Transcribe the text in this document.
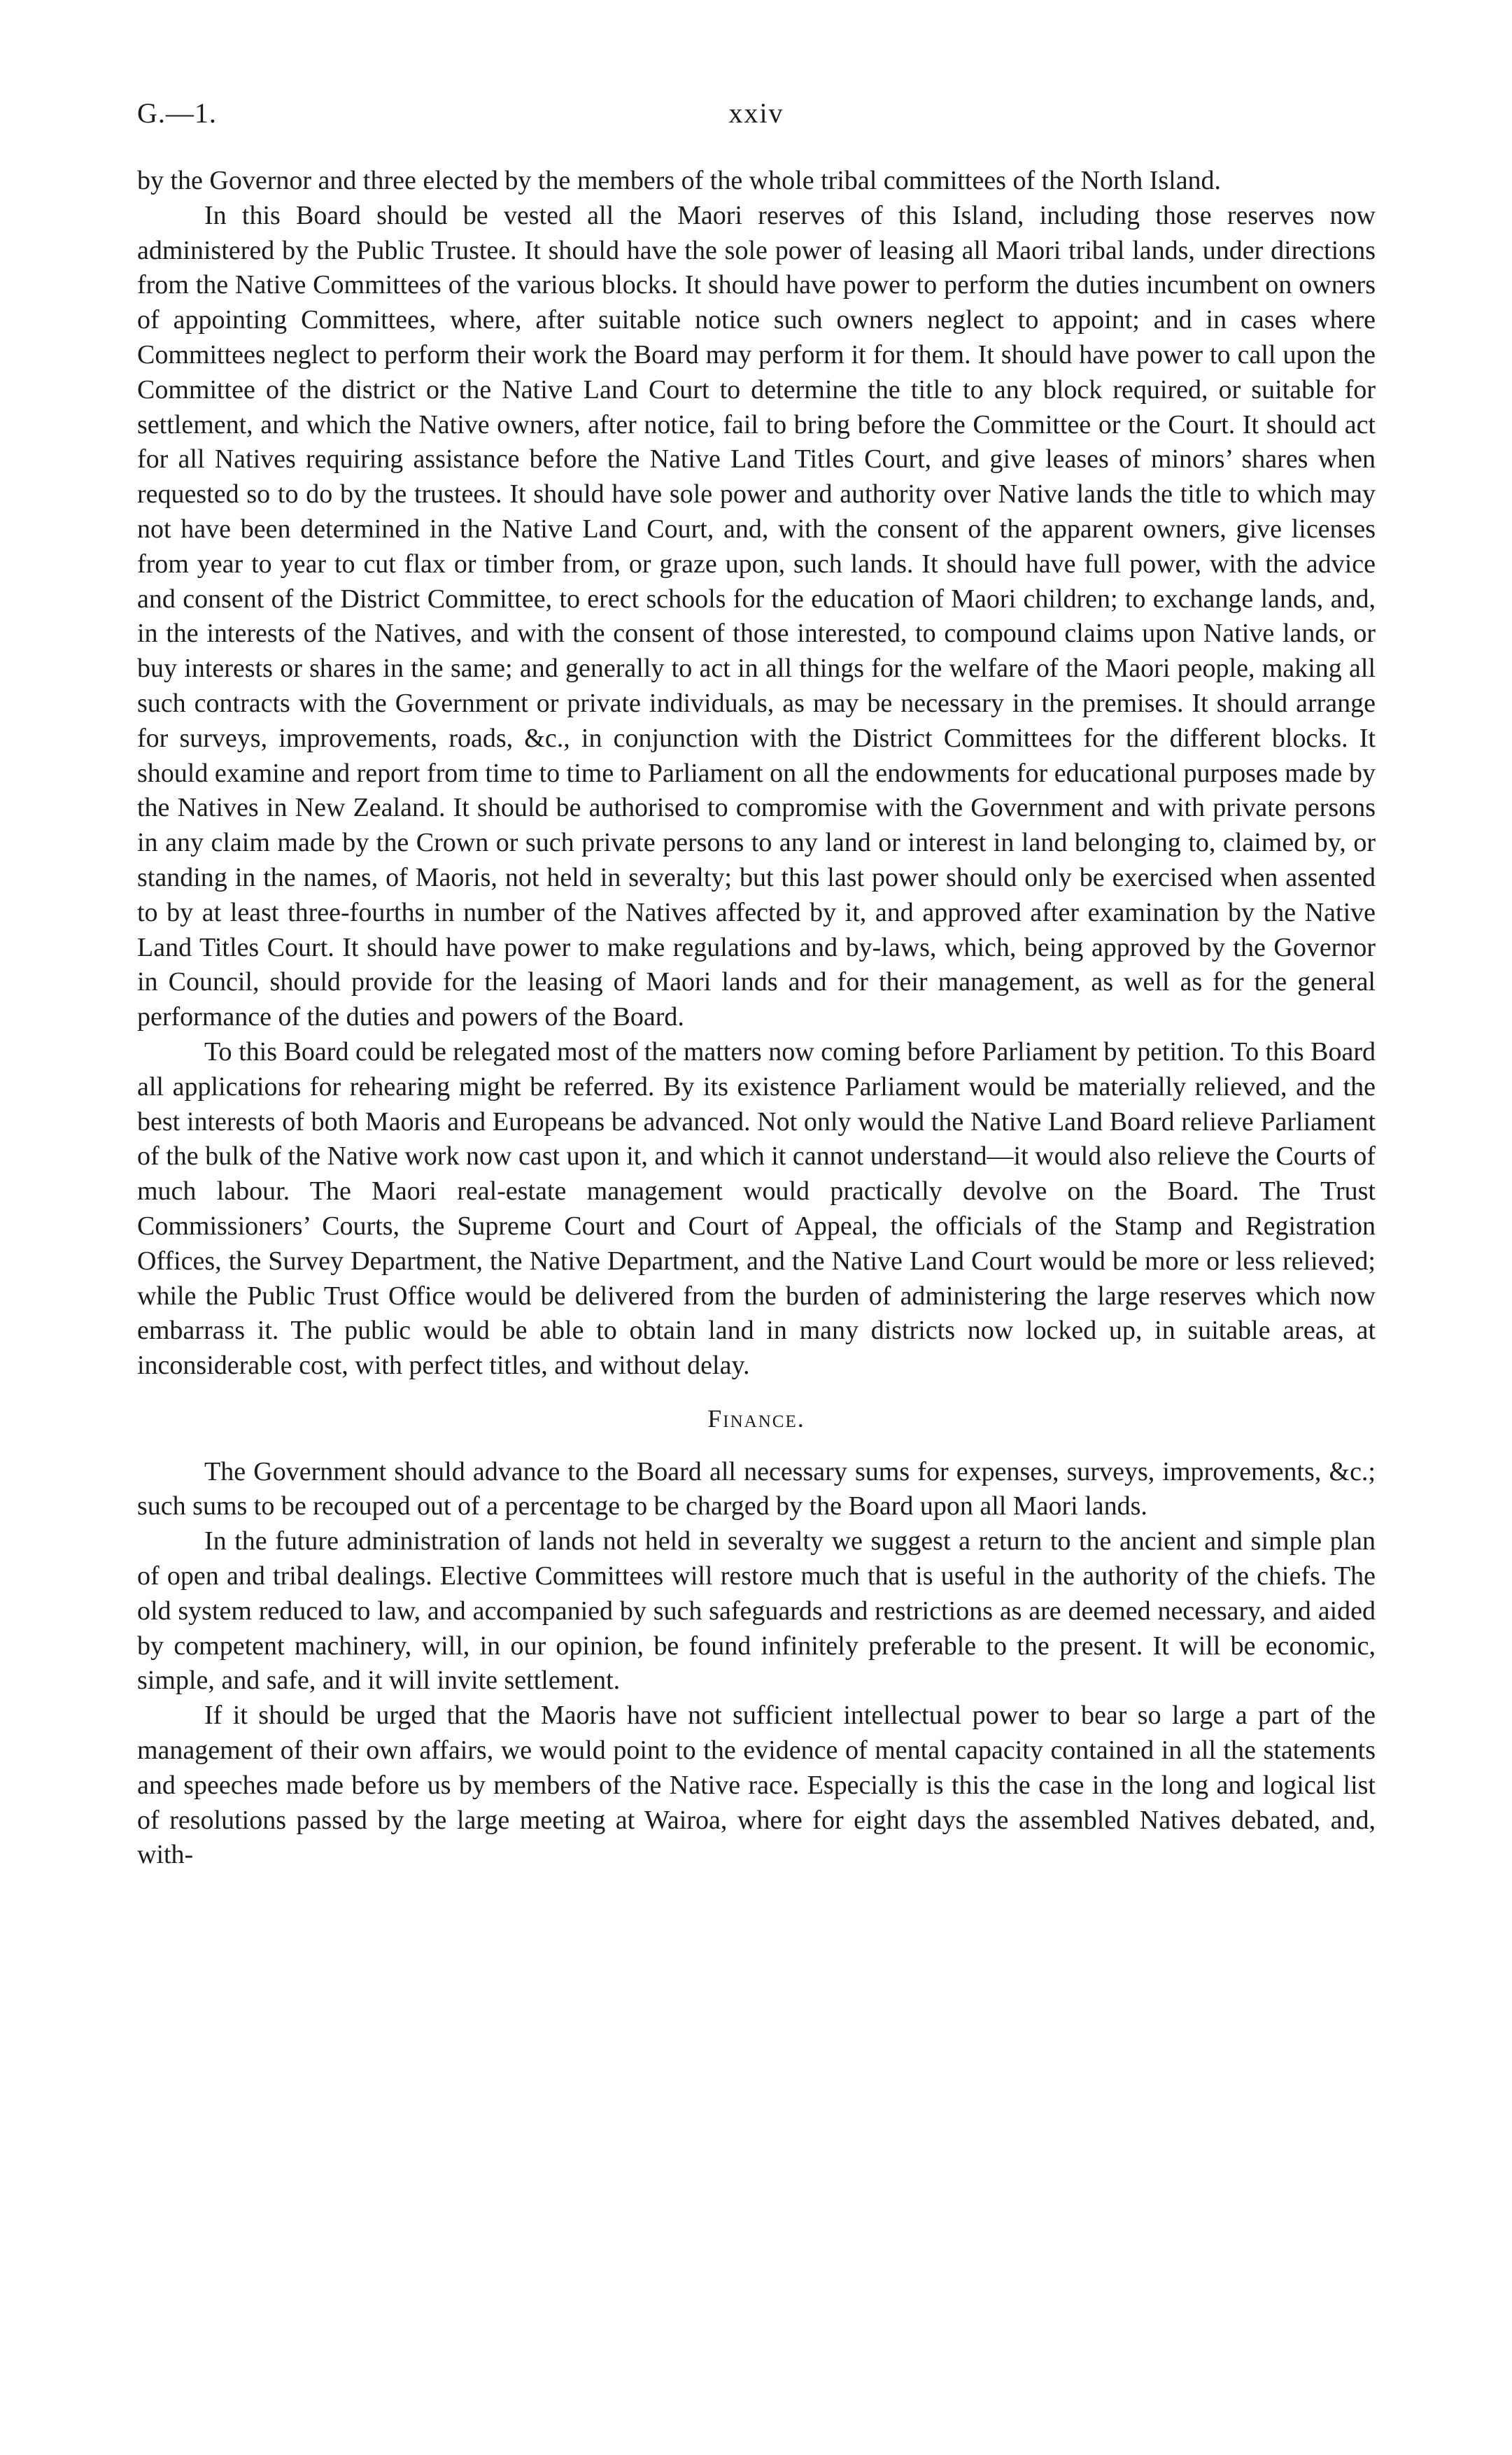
G.—1.	xxiv

by the Governor and three elected by the members of the whole tribal committees of the North Island.

In this Board should be vested all the Maori reserves of this Island, including those reserves now administered by the Public Trustee. It should have the sole power of leasing all Maori tribal lands, under directions from the Native Committees of the various blocks. It should have power to perform the duties incumbent on owners of appointing Committees, where, after suitable notice such owners neglect to appoint; and in cases where Committees neglect to perform their work the Board may perform it for them. It should have power to call upon the Committee of the district or the Native Land Court to determine the title to any block required, or suitable for settlement, and which the Native owners, after notice, fail to bring before the Committee or the Court. It should act for all Natives requiring assistance before the Native Land Titles Court, and give leases of minors’ shares when requested so to do by the trustees. It should have sole power and authority over Native lands the title to which may not have been determined in the Native Land Court, and, with the consent of the apparent owners, give licenses from year to year to cut flax or timber from, or graze upon, such lands. It should have full power, with the advice and consent of the District Committee, to erect schools for the education of Maori children; to exchange lands, and, in the interests of the Natives, and with the consent of those interested, to compound claims upon Native lands, or buy interests or shares in the same; and generally to act in all things for the welfare of the Maori people, making all such contracts with the Government or private individuals, as may be necessary in the premises. It should arrange for surveys, improvements, roads, &c., in conjunction with the District Committees for the different blocks. It should examine and report from time to time to Parliament on all the endowments for educational purposes made by the Natives in New Zealand. It should be authorised to compromise with the Government and with private persons in any claim made by the Crown or such private persons to any land or interest in land belonging to, claimed by, or standing in the names, of Maoris, not held in severalty; but this last power should only be exercised when assented to by at least three-fourths in number of the Natives affected by it, and approved after examination by the Native Land Titles Court. It should have power to make regulations and by-laws, which, being approved by the Governor in Council, should provide for the leasing of Maori lands and for their management, as well as for the general performance of the duties and powers of the Board.

To this Board could be relegated most of the matters now coming before Parliament by petition. To this Board all applications for rehearing might be referred. By its existence Parliament would be materially relieved, and the best interests of both Maoris and Europeans be advanced. Not only would the Native Land Board relieve Parliament of the bulk of the Native work now cast upon it, and which it cannot understand—it would also relieve the Courts of much labour. The Maori real-estate management would practically devolve on the Board. The Trust Commissioners’ Courts, the Supreme Court and Court of Appeal, the officials of the Stamp and Registration Offices, the Survey Department, the Native Department, and the Native Land Court would be more or less relieved; while the Public Trust Office would be delivered from the burden of administering the large reserves which now embarrass it. The public would be able to obtain land in many districts now locked up, in suitable areas, at inconsiderable cost, with perfect titles, and without delay.

Finance.

The Government should advance to the Board all necessary sums for expenses, surveys, improvements, &c.; such sums to be recouped out of a percentage to be charged by the Board upon all Maori lands.

In the future administration of lands not held in severalty we suggest a return to the ancient and simple plan of open and tribal dealings. Elective Committees will restore much that is useful in the authority of the chiefs. The old system reduced to law, and accompanied by such safeguards and restrictions as are deemed necessary, and aided by competent machinery, will, in our opinion, be found infinitely preferable to the present. It will be economic, simple, and safe, and it will invite settlement.

If it should be urged that the Maoris have not sufficient intellectual power to bear so large a part of the management of their own affairs, we would point to the evidence of mental capacity contained in all the statements and speeches made before us by members of the Native race. Especially is this the case in the long and logical list of resolutions passed by the large meeting at Wairoa, where for eight days the assembled Natives debated, and, with-
